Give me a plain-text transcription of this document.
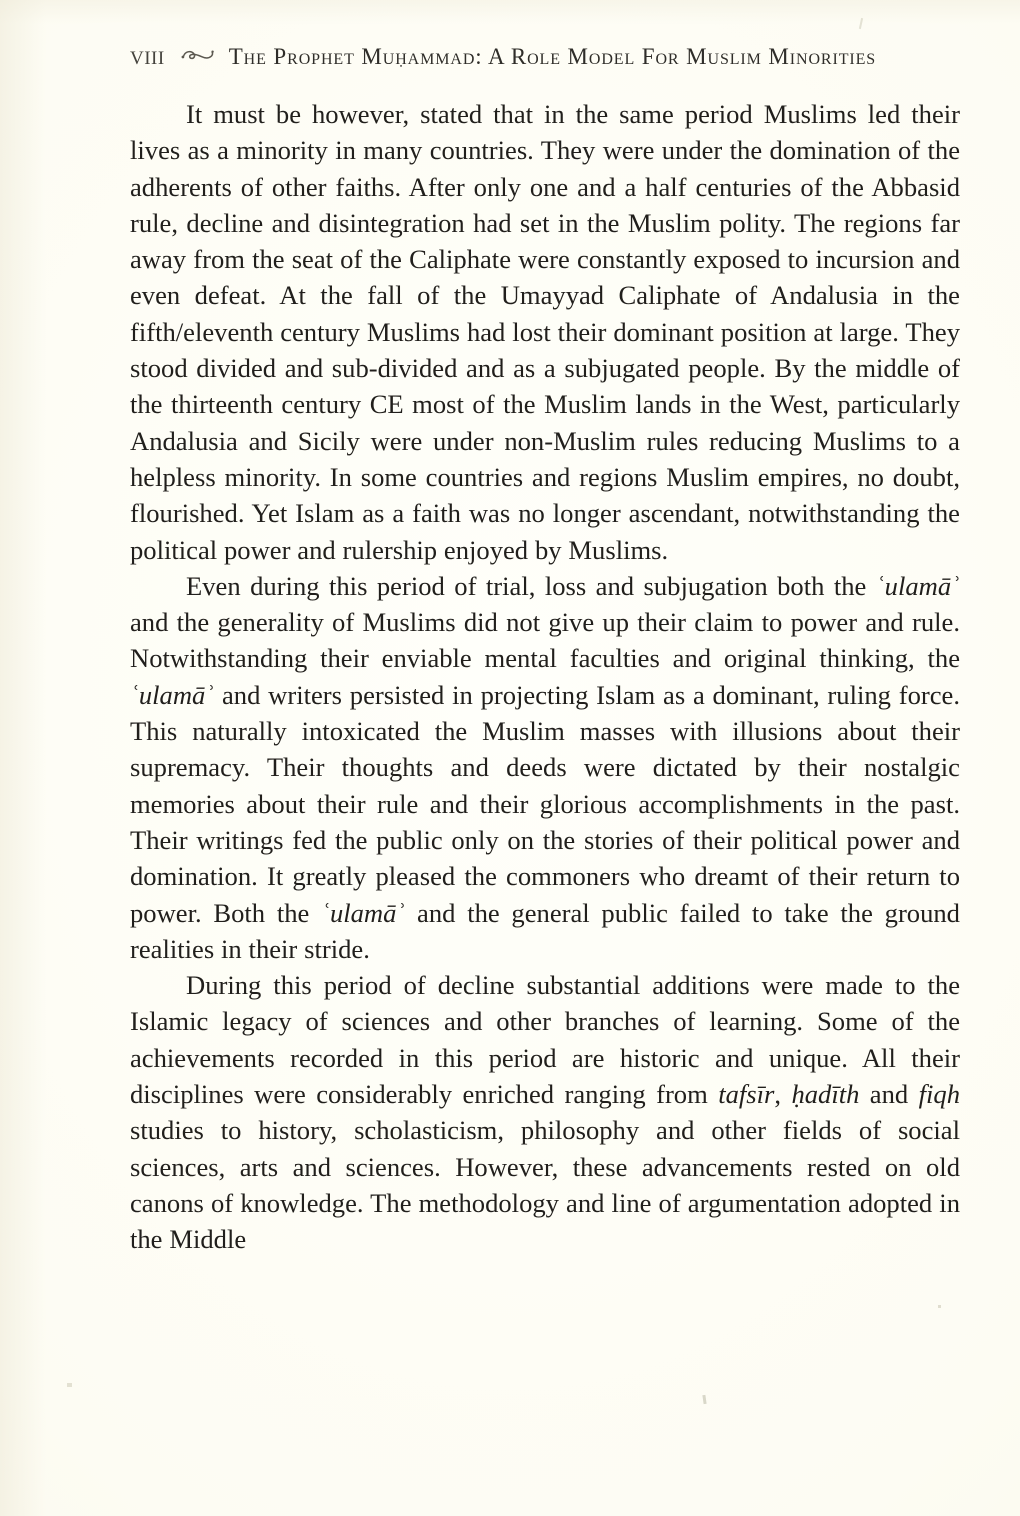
VIII	The Prophet Muḥammad: A Role Model For Muslim Minorities

It must be however, stated that in the same period Muslims led their lives as a minority in many countries. They were under the domination of the adherents of other faiths. After only one and a half centuries of the Abbasid rule, decline and disintegration had set in the Muslim polity. The regions far away from the seat of the Caliphate were constantly exposed to incursion and even defeat. At the fall of the Umayyad Caliphate of Andalusia in the fifth/eleventh century Muslims had lost their dominant position at large. They stood divided and sub-divided and as a subjugated people. By the middle of the thirteenth century CE most of the Muslim lands in the West, particularly Andalusia and Sicily were under non-Muslim rules reducing Muslims to a helpless minority. In some countries and regions Muslim empires, no doubt, flourished. Yet Islam as a faith was no longer ascendant, notwithstanding the political power and rulership enjoyed by Muslims.

Even during this period of trial, loss and subjugation both the ʿulamāʾ and the generality of Muslims did not give up their claim to power and rule. Notwithstanding their enviable mental faculties and original thinking, the ʿulamāʾ and writers persisted in projecting Islam as a dominant, ruling force. This naturally intoxicated the Muslim masses with illusions about their supremacy. Their thoughts and deeds were dictated by their nostalgic memories about their rule and their glorious accomplishments in the past. Their writings fed the public only on the stories of their political power and domination. It greatly pleased the commoners who dreamt of their return to power. Both the ʿulamāʾ and the general public failed to take the ground realities in their stride.

During this period of decline substantial additions were made to the Islamic legacy of sciences and other branches of learning. Some of the achievements recorded in this period are historic and unique. All their disciplines were considerably enriched ranging from tafsīr, ḥadīth and fiqh studies to history, scholasticism, philosophy and other fields of social sciences, arts and sciences. However, these advancements rested on old canons of knowledge. The methodology and line of argumentation adopted in the Middle
